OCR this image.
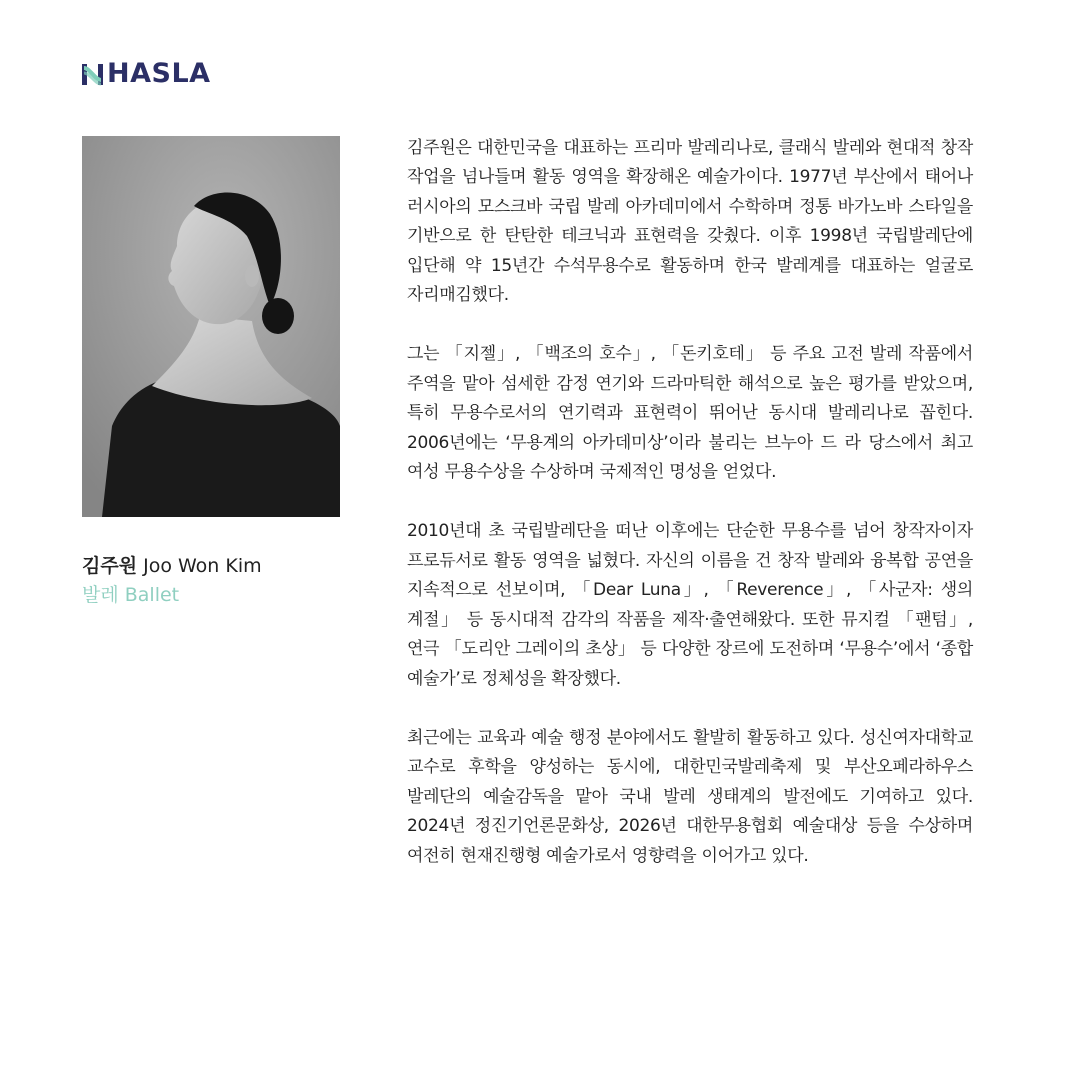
HASLA
김주원 Joo Won Kim
발레 Ballet

김주원은 대한민국을 대표하는 프리마 발레리나로, 클래식 발레와 현대적 창작 작업을 넘나들며 활동 영역을 확장해온 예술가이다. 1977년 부산에서 태어나 러시아의 모스크바 국립 발레 아카데미에서 수학하며 정통 바가노바 스타일을 기반으로 한 탄탄한 테크닉과 표현력을 갖췄다. 이후 1998년 국립발레단에 입단해 약 15년간 수석무용수로 활동하며 한국 발레계를 대표하는 얼굴로 자리매김했다.

그는 「지젤」, 「백조의 호수」, 「돈키호테」 등 주요 고전 발레 작품에서 주역을 맡아 섬세한 감정 연기와 드라마틱한 해석으로 높은 평가를 받았으며, 특히 무용수로서의 연기력과 표현력이 뛰어난 동시대 발레리나로 꼽힌다. 2006년에는 ‘무용계의 아카데미상’이라 불리는 브누아 드 라 당스에서 최고 여성 무용수상을 수상하며 국제적인 명성을 얻었다.

2010년대 초 국립발레단을 떠난 이후에는 단순한 무용수를 넘어 창작자이자 프로듀서로 활동 영역을 넓혔다. 자신의 이름을 건 창작 발레와 융복합 공연을 지속적으로 선보이며, 「Dear Luna」, 「Reverence」, 「사군자: 생의 계절」 등 동시대적 감각의 작품을 제작·출연해왔다. 또한 뮤지컬 「팬텀」, 연극 「도리안 그레이의 초상」 등 다양한 장르에 도전하며 ‘무용수’에서 ‘종합 예술가’로 정체성을 확장했다.

최근에는 교육과 예술 행정 분야에서도 활발히 활동하고 있다. 성신여자대학교 교수로 후학을 양성하는 동시에, 대한민국발레축제 및 부산오페라하우스 발레단의 예술감독을 맡아 국내 발레 생태계의 발전에도 기여하고 있다. 2024년 정진기언론문화상, 2026년 대한무용협회 예술대상 등을 수상하며 여전히 현재진행형 예술가로서 영향력을 이어가고 있다.
